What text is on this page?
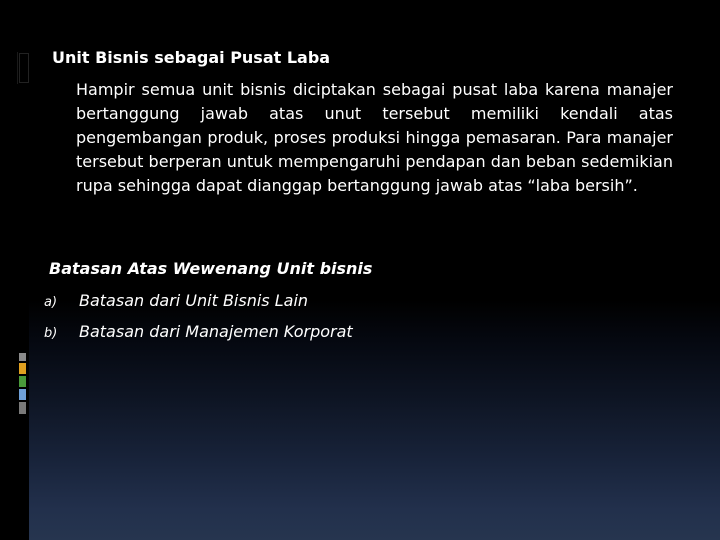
Unit Bisnis sebagai Pusat Laba
Hampir semua unit bisnis diciptakan sebagai pusat laba karena manajer bertanggung jawab atas unut tersebut memiliki kendali atas pengembangan produk, proses produksi hingga pemasaran. Para manajer tersebut berperan untuk mempengaruhi pendapan dan beban sedemikian rupa sehingga dapat dianggap bertanggung jawab atas “laba bersih”.
Batasan Atas Wewenang Unit bisnis
a) Batasan dari Unit Bisnis Lain
b) Batasan dari Manajemen Korporat
